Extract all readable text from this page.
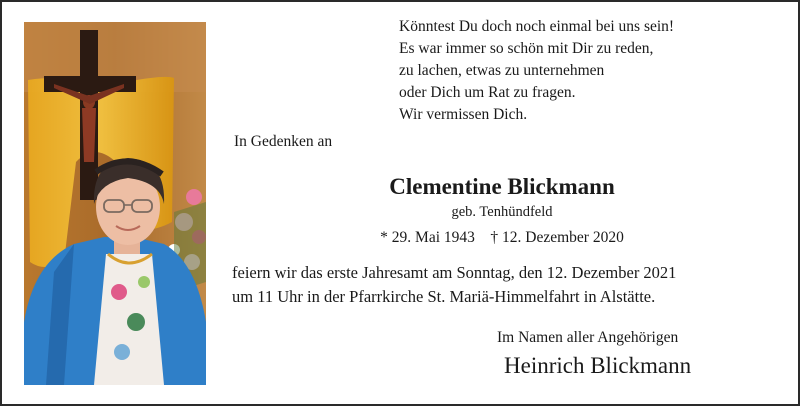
Könntest Du doch noch einmal bei uns sein!
Es war immer so schön mit Dir zu reden,
zu lachen, etwas zu unternehmen
oder Dich um Rat zu fragen.
Wir vermissen Dich.
In Gedenken an
Clementine Blickmann
geb. Tenhündfeld
* 29. Mai 1943    † 12. Dezember 2020
feiern wir das erste Jahresamt am Sonntag, den 12. Dezember 2021
um 11 Uhr in der Pfarrkirche St. Mariä-Himmelfahrt in Alstätte.
Im Namen aller Angehörigen
Heinrich Blickmann
